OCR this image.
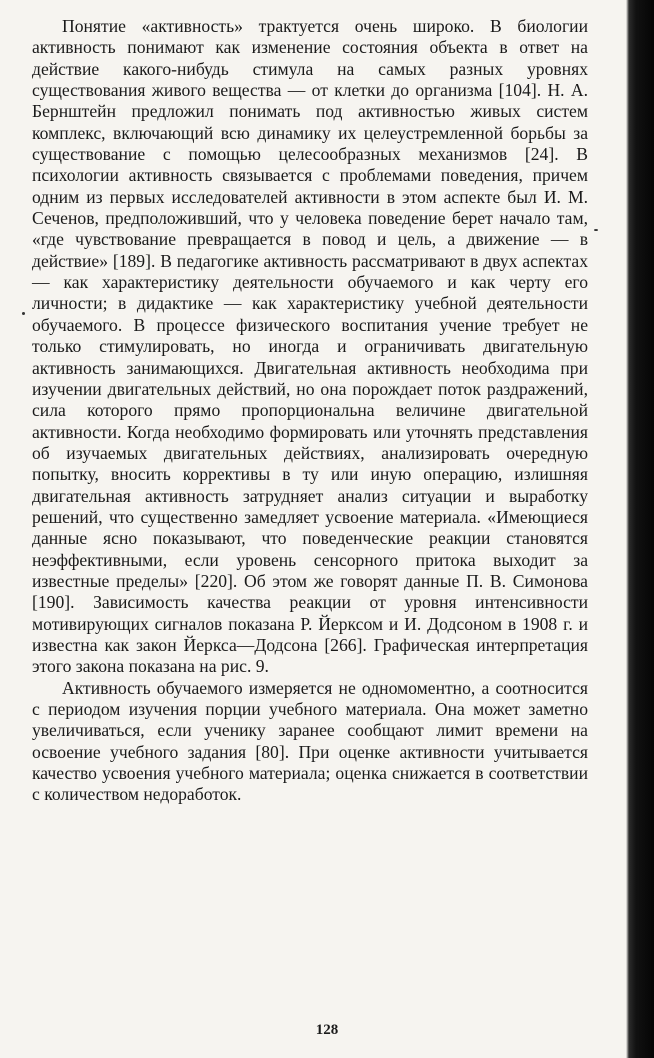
Понятие «активность» трактуется очень широко. В биологии активность понимают как изменение состояния объекта в ответ на действие какого-нибудь стимула на самых разных уровнях существования живого вещества — от клетки до организма [104]. Н. А. Бернштейн предложил понимать под активностью живых систем комплекс, включающий всю динамику их целеустремленной борьбы за существование с помощью целесообразных механизмов [24]. В психологии активность связывается с проблемами поведения, причем одним из первых исследователей активности в этом аспекте был И. М. Сеченов, предположивший, что у человека поведение берет начало там, «где чувствование превращается в повод и цель, а движение — в действие» [189]. В педагогике активность рассматривают в двух аспектах — как характеристику деятельности обучаемого и как черту его личности; в дидактике — как характеристику учебной деятельности обучаемого. В процессе физического воспитания учение требует не только стимулировать, но иногда и ограничивать двигательную активность занимающихся. Двигательная активность необходима при изучении двигательных действий, но она порождает поток раздражений, сила которого прямо пропорциональна величине двигательной активности. Когда необходимо формировать или уточнять представления об изучаемых двигательных действиях, анализировать очередную попытку, вносить коррективы в ту или иную операцию, излишняя двигательная активность затрудняет анализ ситуации и выработку решений, что существенно замедляет усвоение материала. «Имеющиеся данные ясно показывают, что поведенческие реакции становятся неэффективными, если уровень сенсорного притока выходит за известные пределы» [220]. Об этом же говорят данные П. В. Симонова [190]. Зависимость качества реакции от уровня интенсивности мотивирующих сигналов показана Р. Йерксом и И. Додсоном в 1908 г. и известна как закон Йеркса—Додсона [266]. Графическая интерпретация этого закона показана на рис. 9.

Активность обучаемого измеряется не одномоментно, а соотносится с периодом изучения порции учебного материала. Она может заметно увеличиваться, если ученику заранее сообщают лимит времени на освоение учебного задания [80]. При оценке активности учитывается качество усвоения учебного материала; оценка снижается в соответствии с количеством недоработок.

128
